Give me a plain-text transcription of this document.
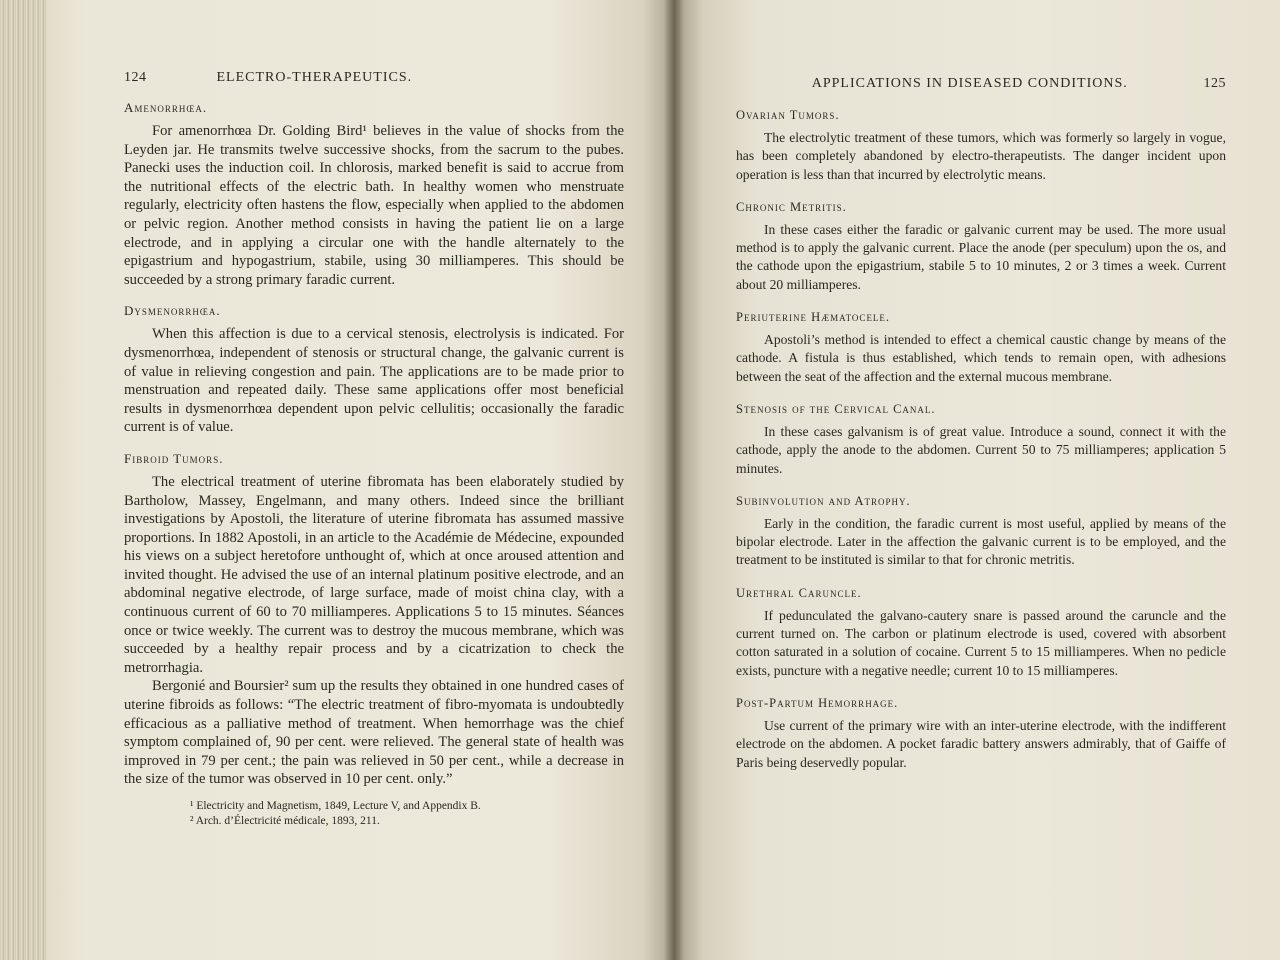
124	ELECTRO-THERAPEUTICS.
Amenorrhœa.

For amenorrhœa Dr. Golding Bird¹ believes in the value of shocks from the Leyden jar. He transmits twelve successive shocks, from the sacrum to the pubes. Panecki uses the induction coil. In chlorosis, marked benefit is said to accrue from the nutritional effects of the electric bath. In healthy women who menstruate regularly, electricity often hastens the flow, especially when applied to the abdomen or pelvic region. Another method consists in having the patient lie on a large electrode, and in applying a circular one with the handle alternately to the epigastrium and hypogastrium, stabile, using 30 milliamperes. This should be succeeded by a strong primary faradic current.

Dysmenorrhœa.

When this affection is due to a cervical stenosis, electrolysis is indicated. For dysmenorrhœa, independent of stenosis or structural change, the galvanic current is of value in relieving congestion and pain. The applications are to be made prior to menstruation and repeated daily. These same applications offer most beneficial results in dysmenorrhœa dependent upon pelvic cellulitis; occasionally the faradic current is of value.

Fibroid Tumors.

The electrical treatment of uterine fibromata has been elaborately studied by Bartholow, Massey, Engelmann, and many others. Indeed since the brilliant investigations by Apostoli, the literature of uterine fibromata has assumed massive proportions. In 1882 Apostoli, in an article to the Académie de Médecine, expounded his views on a subject heretofore unthought of, which at once aroused attention and invited thought. He advised the use of an internal platinum positive electrode, and an abdominal negative electrode, of large surface, made of moist china clay, with a continuous current of 60 to 70 milliamperes. Applications 5 to 15 minutes. Séances once or twice weekly. The current was to destroy the mucous membrane, which was succeeded by a healthy repair process and by a cicatrization to check the metrorrhagia.

Bergonié and Boursier² sum up the results they obtained in one hundred cases of uterine fibroids as follows: “The electric treatment of fibro-myomata is undoubtedly efficacious as a palliative method of treatment. When hemorrhage was the chief symptom complained of, 90 per cent. were relieved. The general state of health was improved in 79 per cent.; the pain was relieved in 50 per cent., while a decrease in the size of the tumor was observed in 10 per cent. only.”

¹ Electricity and Magnetism, 1849, Lecture V, and Appendix B.
² Arch. d’Électricité médicale, 1893, 211.
APPLICATIONS IN DISEASED CONDITIONS.	125
Ovarian Tumors.

The electrolytic treatment of these tumors, which was formerly so largely in vogue, has been completely abandoned by electro-therapeutists. The danger incident upon operation is less than that incurred by electrolytic means.

Chronic Metritis.

In these cases either the faradic or galvanic current may be used. The more usual method is to apply the galvanic current. Place the anode (per speculum) upon the os, and the cathode upon the epigastrium, stabile 5 to 10 minutes, 2 or 3 times a week. Current about 20 milliamperes.

Periuterine Hæmatocele.

Apostoli’s method is intended to effect a chemical caustic change by means of the cathode. A fistula is thus established, which tends to remain open, with adhesions between the seat of the affection and the external mucous membrane.

Stenosis of the Cervical Canal.

In these cases galvanism is of great value. Introduce a sound, connect it with the cathode, apply the anode to the abdomen. Current 50 to 75 milliamperes; application 5 minutes.

Subinvolution and Atrophy.

Early in the condition, the faradic current is most useful, applied by means of the bipolar electrode. Later in the affection the galvanic current is to be employed, and the treatment to be instituted is similar to that for chronic metritis.

Urethral Caruncle.

If pedunculated the galvano-cautery snare is passed around the caruncle and the current turned on. The carbon or platinum electrode is used, covered with absorbent cotton saturated in a solution of cocaine. Current 5 to 15 milliamperes. When no pedicle exists, puncture with a negative needle; current 10 to 15 milliamperes.

Post-Partum Hemorrhage.

Use current of the primary wire with an inter-uterine electrode, with the indifferent electrode on the abdomen. A pocket faradic battery answers admirably, that of Gaiffe of Paris being deservedly popular.
